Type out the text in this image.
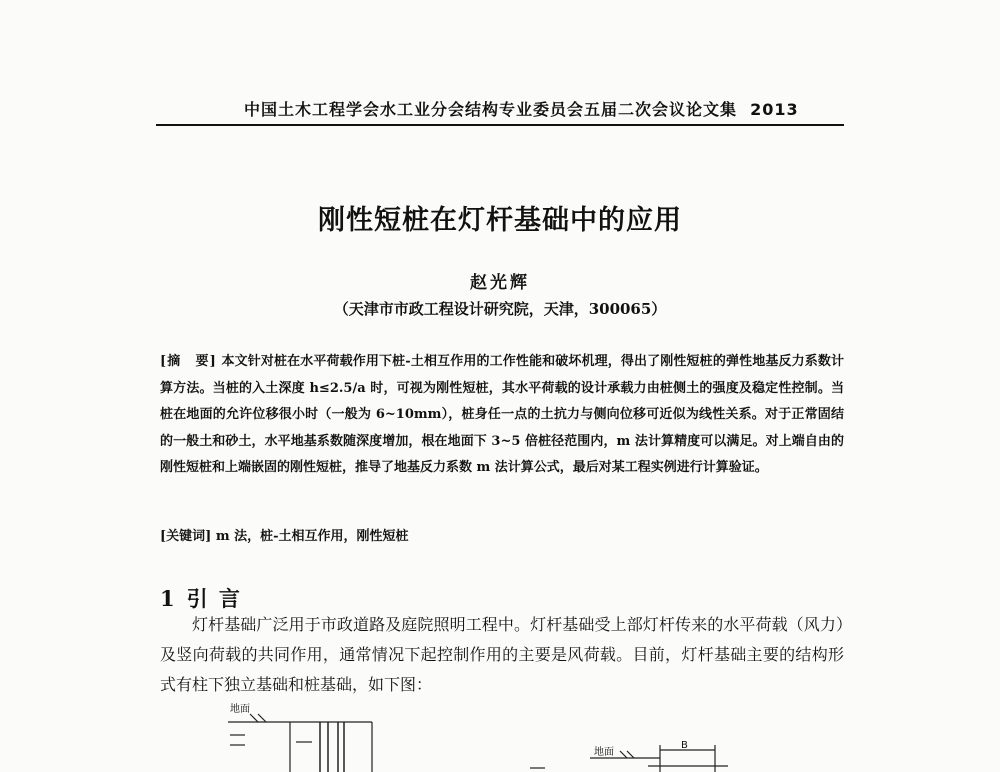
中国土木工程学会水工业分会结构专业委员会五届二次会议论文集 2013
刚性短桩在灯杆基础中的应用
赵光辉
（天津市市政工程设计研究院，天津，300065）
[摘　要] 本文针对桩在水平荷载作用下桩-土相互作用的工作性能和破坏机理，得出了刚性短桩的弹性地基反力系数计算方法。当桩的入土深度 h≤2.5/a 时，可视为刚性短桩，其水平荷载的设计承载力由桩侧土的强度及稳定性控制。当桩在地面的允许位移很小时（一般为 6~10mm），桩身任一点的土抗力与侧向位移可近似为线性关系。对于正常固结的一般土和砂土，水平地基系数随深度增加，根在地面下 3~5 倍桩径范围内，m 法计算精度可以满足。对上端自由的刚性短桩和上端嵌固的刚性短桩，推导了地基反力系数 m 法计算公式，最后对某工程实例进行计算验证。
[关键词] m 法，桩-土相互作用，刚性短桩
1 引 言

灯杆基础广泛用于市政道路及庭院照明工程中。灯杆基础受上部灯杆传来的水平荷载（风力）及竖向荷载的共同作用，通常情况下起控制作用的主要是风荷载。目前，灯杆基础主要的结构形式有柱下独立基础和桩基础，如下图：

地面
地面
B
